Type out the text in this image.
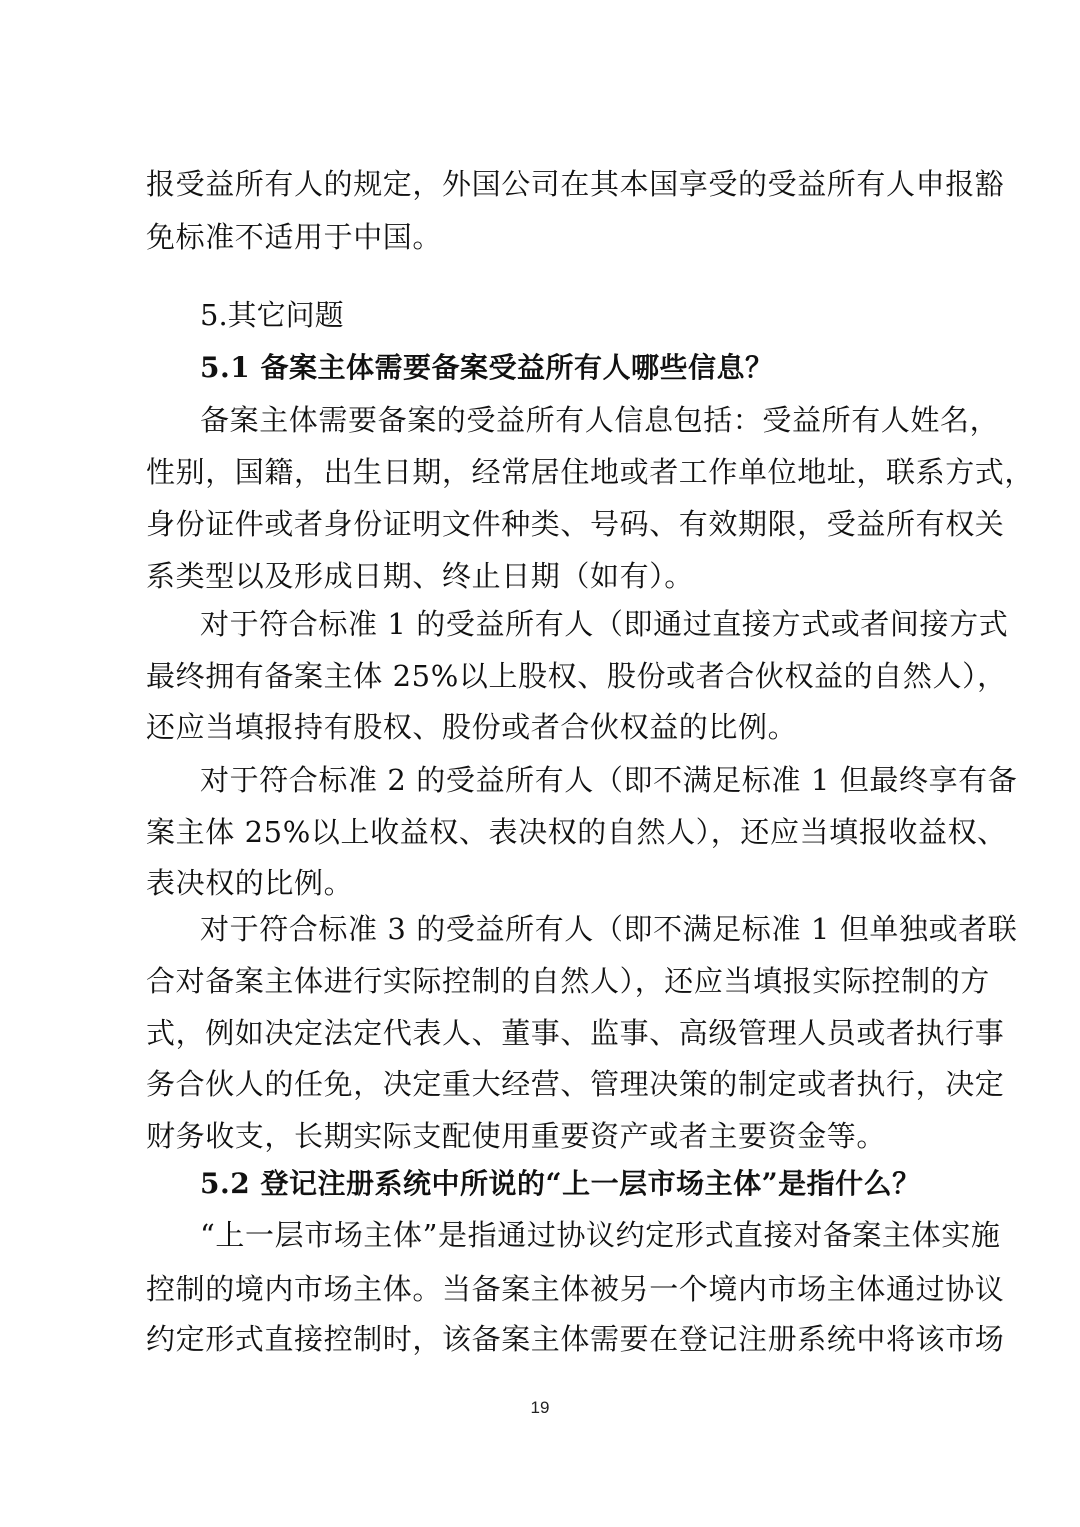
报受益所有人的规定，外国公司在其本国享受的受益所有人申报豁
免标准不适用于中国。
5.其它问题
5.1 备案主体需要备案受益所有人哪些信息？
备案主体需要备案的受益所有人信息包括：受益所有人姓名，
性别，国籍，出生日期，经常居住地或者工作单位地址，联系方式，
身份证件或者身份证明文件种类、号码、有效期限，受益所有权关
系类型以及形成日期、终止日期（如有）。
对于符合标准 1 的受益所有人（即通过直接方式或者间接方式
最终拥有备案主体 25%以上股权、股份或者合伙权益的自然人），
还应当填报持有股权、股份或者合伙权益的比例。
对于符合标准 2 的受益所有人（即不满足标准 1 但最终享有备
案主体 25%以上收益权、表决权的自然人），还应当填报收益权、
表决权的比例。
对于符合标准 3 的受益所有人（即不满足标准 1 但单独或者联
合对备案主体进行实际控制的自然人），还应当填报实际控制的方
式，例如决定法定代表人、董事、监事、高级管理人员或者执行事
务合伙人的任免，决定重大经营、管理决策的制定或者执行，决定
财务收支，长期实际支配使用重要资产或者主要资金等。
5.2 登记注册系统中所说的“上一层市场主体”是指什么？
“上一层市场主体”是指通过协议约定形式直接对备案主体实施
控制的境内市场主体。当备案主体被另一个境内市场主体通过协议
约定形式直接控制时，该备案主体需要在登记注册系统中将该市场
19
